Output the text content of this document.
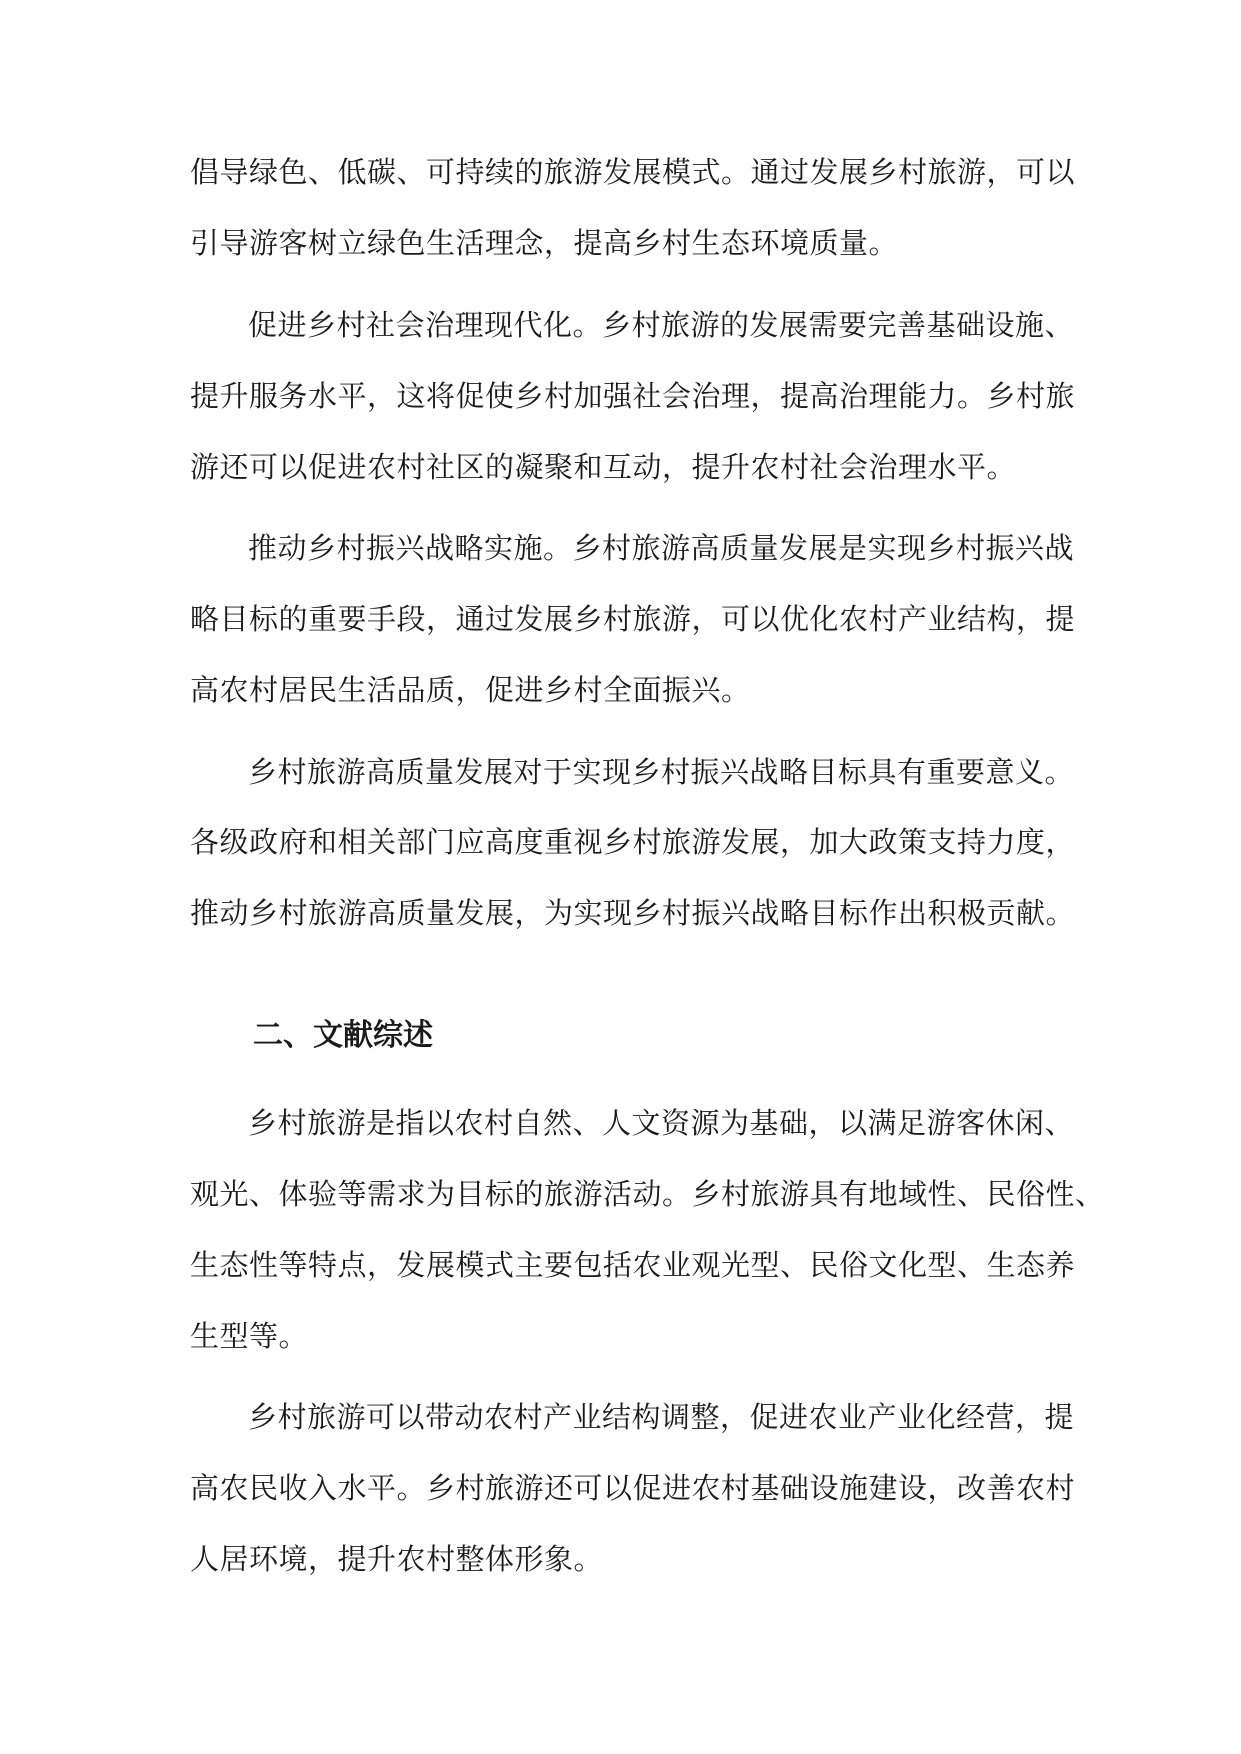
倡导绿色、低碳、可持续的旅游发展模式。通过发展乡村旅游，可以
引导游客树立绿色生活理念，提高乡村生态环境质量。
促进乡村社会治理现代化。乡村旅游的发展需要完善基础设施、
提升服务水平，这将促使乡村加强社会治理，提高治理能力。乡村旅
游还可以促进农村社区的凝聚和互动，提升农村社会治理水平。
推动乡村振兴战略实施。乡村旅游高质量发展是实现乡村振兴战
略目标的重要手段，通过发展乡村旅游，可以优化农村产业结构，提
高农村居民生活品质，促进乡村全面振兴。
乡村旅游高质量发展对于实现乡村振兴战略目标具有重要意义。
各级政府和相关部门应高度重视乡村旅游发展，加大政策支持力度，
推动乡村旅游高质量发展，为实现乡村振兴战略目标作出积极贡献。
二、文献综述
乡村旅游是指以农村自然、人文资源为基础，以满足游客休闲、
观光、体验等需求为目标的旅游活动。乡村旅游具有地域性、民俗性、
生态性等特点，发展模式主要包括农业观光型、民俗文化型、生态养
生型等。
乡村旅游可以带动农村产业结构调整，促进农业产业化经营，提
高农民收入水平。乡村旅游还可以促进农村基础设施建设，改善农村
人居环境，提升农村整体形象。
